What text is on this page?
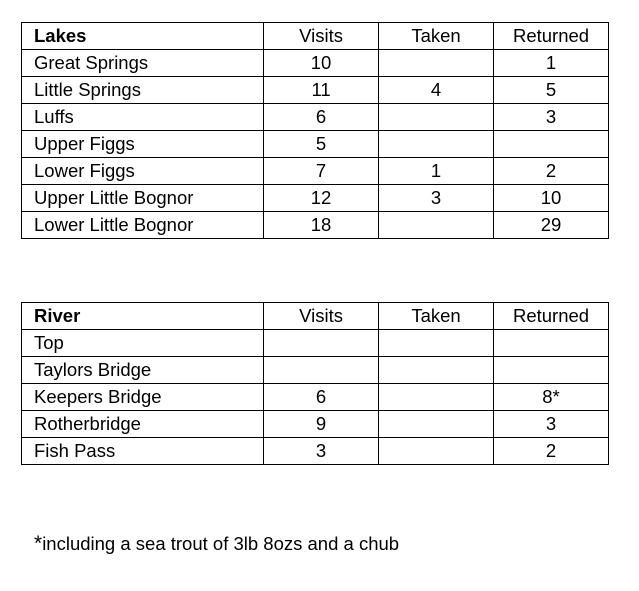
Lakes	Visits	Taken	Returned
Great Springs	10		1
Little Springs	11	4	5
Luffs	6		3
Upper Figgs	5		
Lower Figgs	7	1	2
Upper Little Bognor	12	3	10
Lower Little Bognor	18		29
River	Visits	Taken	Returned
Top			
Taylors Bridge			
Keepers Bridge	6		8*
Rotherbridge	9		3
Fish Pass	3		2
*including a sea trout of 3lb 8ozs and a chub
